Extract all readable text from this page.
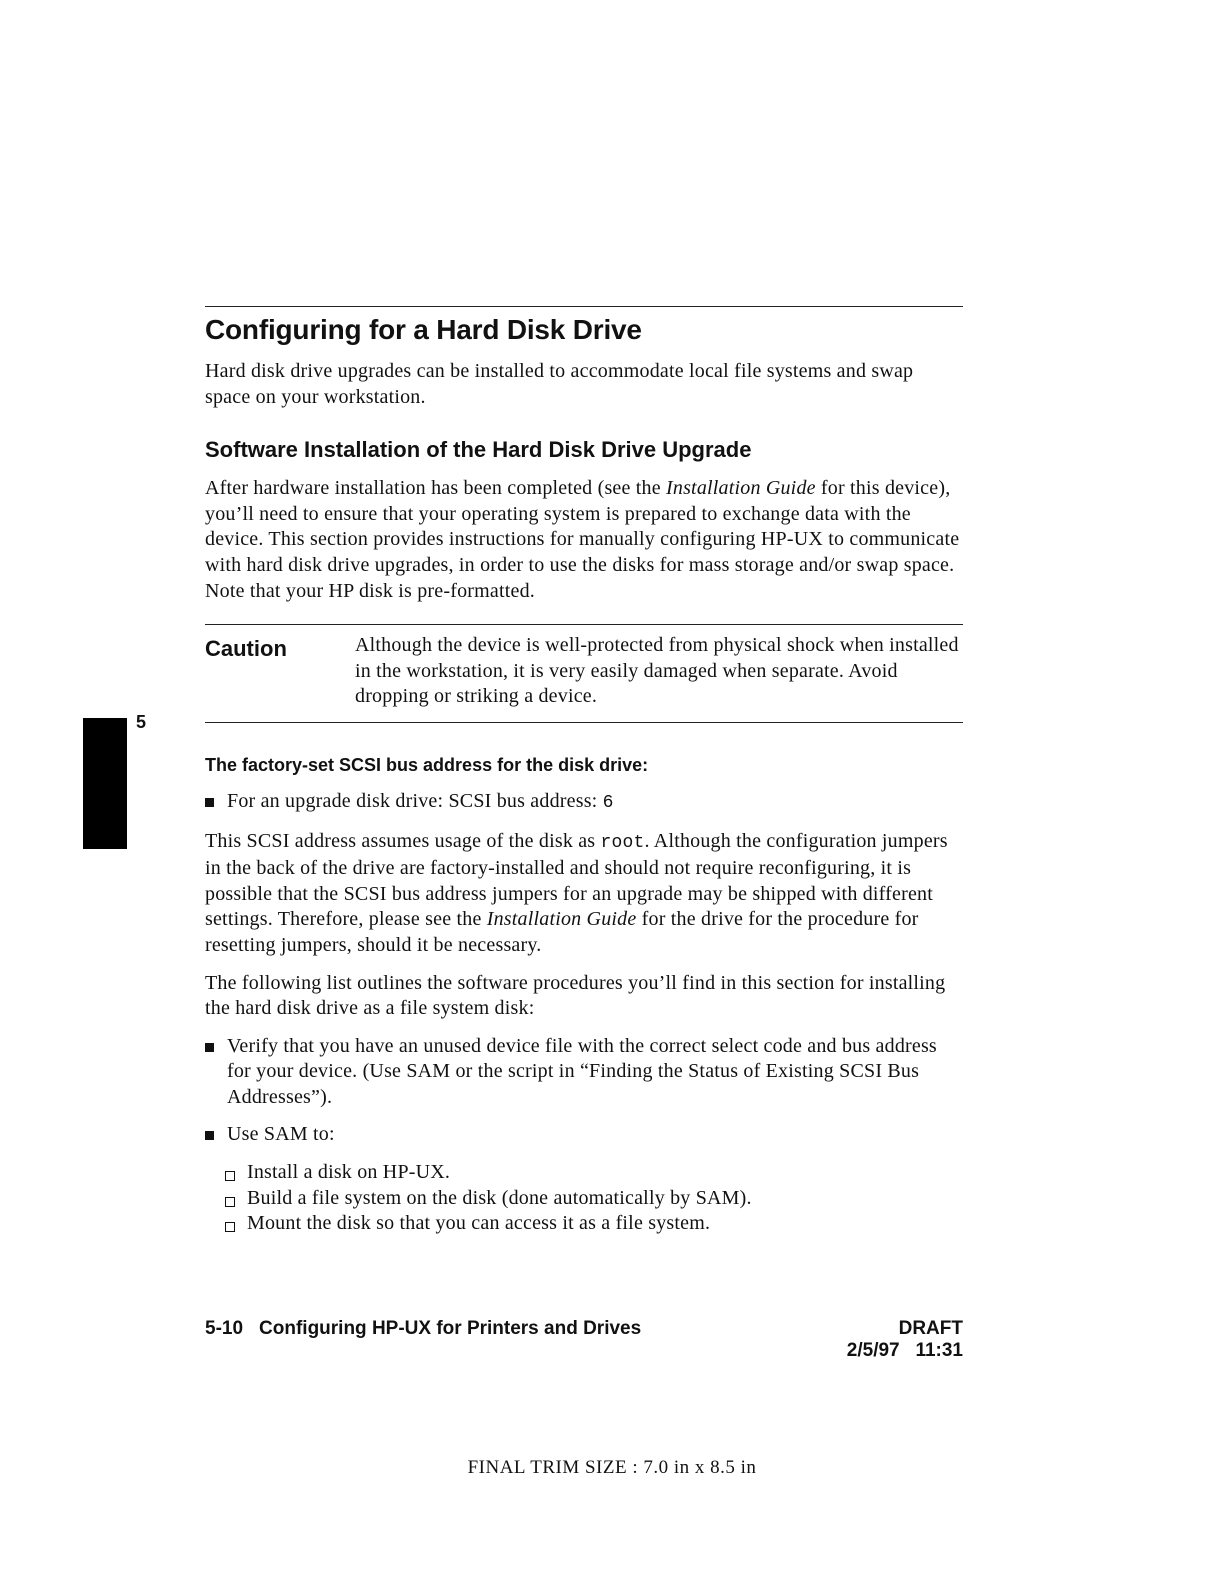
5
Configuring for a Hard Disk Drive

Hard disk drive upgrades can be installed to accommodate local file systems and swap space on your workstation.

Software Installation of the Hard Disk Drive Upgrade

After hardware installation has been completed (see the Installation Guide for this device), you’ll need to ensure that your operating system is prepared to exchange data with the device. This section provides instructions for manually configuring HP-UX to communicate with hard disk drive upgrades, in order to use the disks for mass storage and/or swap space. Note that your HP disk is pre-formatted.

Caution	Although the device is well-protected from physical shock when installed in the workstation, it is very easily damaged when separate. Avoid dropping or striking a device.
The factory-set SCSI bus address for the disk drive:
For an upgrade disk drive: SCSI bus address: 6

This SCSI address assumes usage of the disk as root. Although the configuration jumpers in the back of the drive are factory-installed and should not require reconfiguring, it is possible that the SCSI bus address jumpers for an upgrade may be shipped with different settings. Therefore, please see the Installation Guide for the drive for the procedure for resetting jumpers, should it be necessary.

The following list outlines the software procedures you’ll find in this section for installing the hard disk drive as a file system disk:

Verify that you have an unused device file with the correct select code and bus address for your device. (Use SAM or the script in “Finding the Status of Existing SCSI Bus Addresses”).
Use SAM to:
Install a disk on HP-UX.
Build a file system on the disk (done automatically by SAM).
Mount the disk so that you can access it as a file system.
5-10 Configuring HP-UX for Printers and Drives	DRAFT
2/5/97 11:31
FINAL TRIM SIZE : 7.0 in x 8.5 in
